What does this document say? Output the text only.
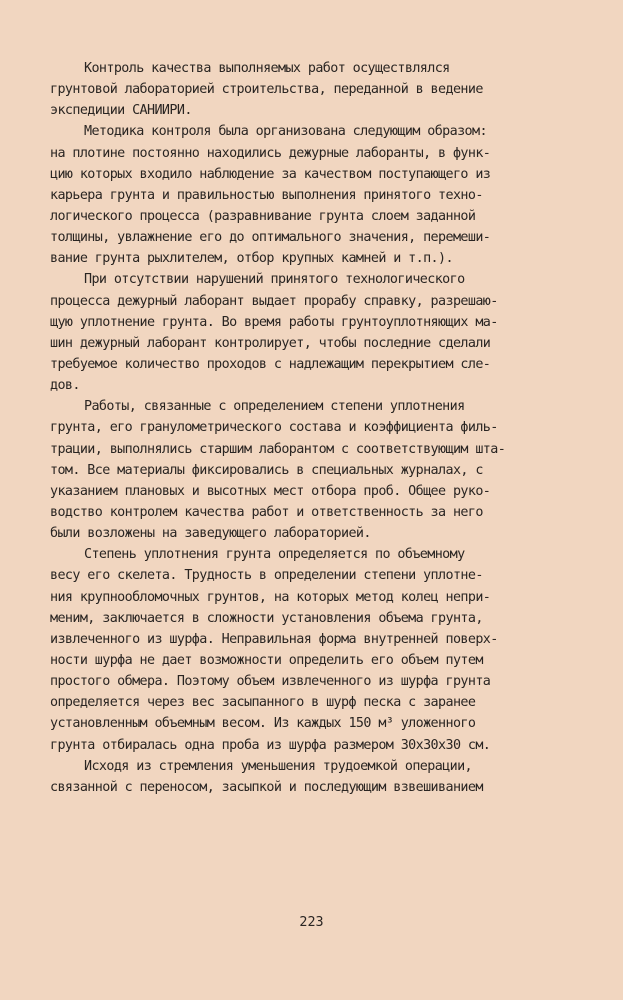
Контроль качества выполняемых работ осуществлялся
грунтовой лабораторией строительства, переданной в ведение
экспедиции САНИИРИ.
Методика контроля была организована следующим образом:
на плотине постоянно находились дежурные лаборанты, в функ-
цию которых входило наблюдение за качеством поступающего из
карьера грунта и правильностью выполнения принятого техно-
логического процесса (разравнивание грунта слоем заданной
толщины, увлажнение его до оптимального значения, перемеши-
вание грунта рыхлителем, отбор крупных камней и т.п.).
При отсутствии нарушений принятого технологического
процесса дежурный лаборант выдает прорабу справку, разрешаю-
щую уплотнение грунта. Во время работы грунтоуплотняющих ма-
шин дежурный лаборант контролирует, чтобы последние сделали
требуемое количество проходов с надлежащим перекрытием сле-
дов.
Работы, связанные с определением степени уплотнения
грунта, его гранулометрического состава и коэффициента филь-
трации, выполнялись старшим лаборантом с соответствующим шта-
том. Все материалы фиксировались в специальных журналах, с
указанием плановых и высотных мест отбора проб. Общее руко-
водство контролем качества работ и ответственность за него
были возложены на заведующего лабораторией.
Степень уплотнения грунта определяется по объемному
весу его скелета. Трудность в определении степени уплотне-
ния крупнообломочных грунтов, на которых метод колец непри-
меним, заключается в сложности установления объема грунта,
извлеченного из шурфа. Неправильная форма внутренней поверх-
ности шурфа не дает возможности определить его объем путем
простого обмера. Поэтому объем извлеченного из шурфа грунта
определяется через вес засыпанного в шурф песка с заранее
установленным объемным весом. Из каждых 150 м³ уложенного
грунта отбиралась одна проба из шурфа размером 30х30х30 см.
Исходя из стремления уменьшения трудоемкой операции,
связанной с переносом, засыпкой и последующим взвешиванием
223
